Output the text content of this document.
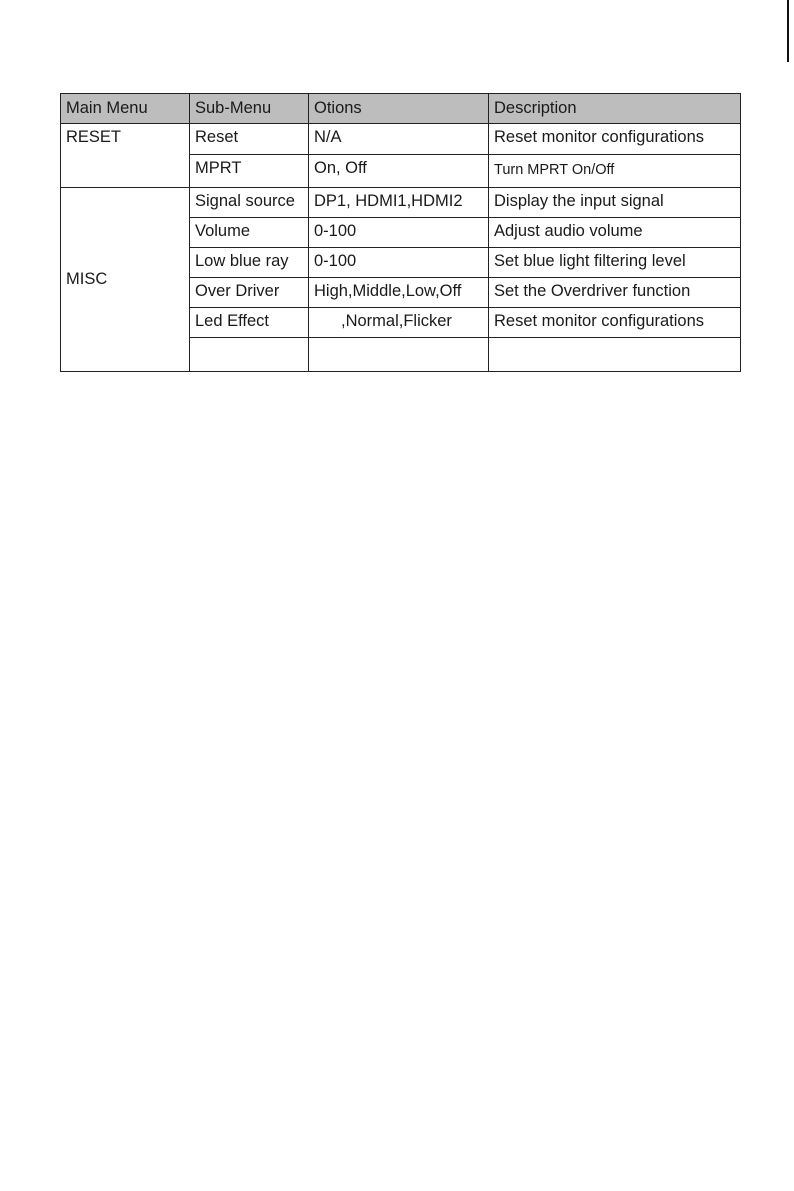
Main Menu	Sub-Menu	Otions	Description
RESET	Reset	N/A	Reset monitor configurations
	MPRT	On, Off	Turn MPRT On/Off
MISC	Signal source	DP1, HDMI1,HDMI2	Display the input signal
	Volume	0-100	Adjust audio volume
	Low blue ray	0-100	Set blue light filtering level
	Over Driver	High,Middle,Low,Off	Set the Overdriver function
	Led Effect	,Normal,Flicker	Reset monitor configurations
